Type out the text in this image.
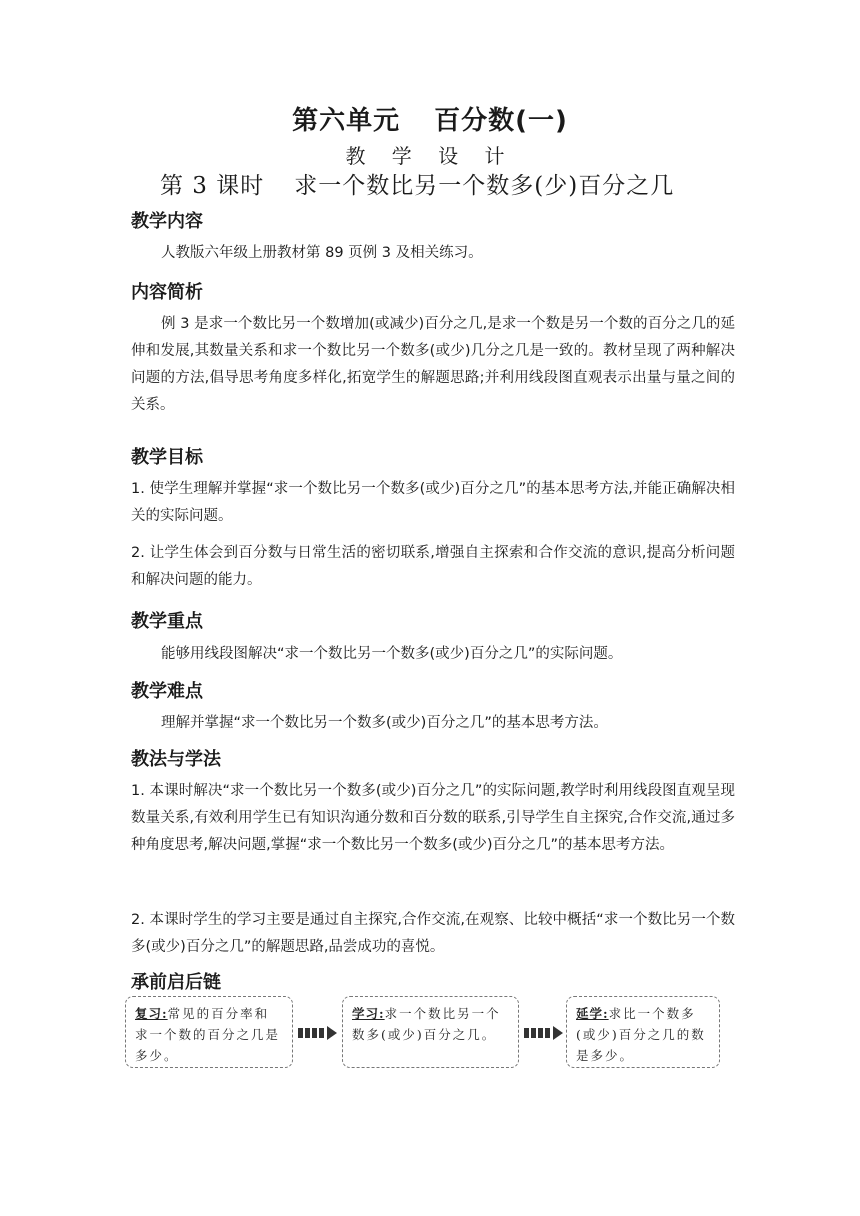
第六单元 百分数(一)
教 学 设 计
第 3 课时 求一个数比另一个数多(少)百分之几
教学内容
人教版六年级上册教材第 89 页例 3 及相关练习。
内容简析
例 3 是求一个数比另一个数增加(或减少)百分之几,是求一个数是另一个数的百分之几的延伸和发展,其数量关系和求一个数比另一个数多(或少)几分之几是一致的。教材呈现了两种解决问题的方法,倡导思考角度多样化,拓宽学生的解题思路;并利用线段图直观表示出量与量之间的关系。
教学目标
1. 使学生理解并掌握“求一个数比另一个数多(或少)百分之几”的基本思考方法,并能正确解决相关的实际问题。
2. 让学生体会到百分数与日常生活的密切联系,增强自主探索和合作交流的意识,提高分析问题和解决问题的能力。
教学重点
能够用线段图解决“求一个数比另一个数多(或少)百分之几”的实际问题。
教学难点
理解并掌握“求一个数比另一个数多(或少)百分之几”的基本思考方法。
教法与学法
1. 本课时解决“求一个数比另一个数多(或少)百分之几”的实际问题,教学时利用线段图直观呈现数量关系,有效利用学生已有知识沟通分数和百分数的联系,引导学生自主探究,合作交流,通过多种角度思考,解决问题,掌握“求一个数比另一个数多(或少)百分之几”的基本思考方法。
2. 本课时学生的学习主要是通过自主探究,合作交流,在观察、比较中概括“求一个数比另一个数多(或少)百分之几”的解题思路,品尝成功的喜悦。
承前启后链
复习:常见的百分率和求一个数的百分之几是多少。
学习:求一个数比另一个数多(或少)百分之几。
延学:求比一个数多(或少)百分之几的数是多少。
